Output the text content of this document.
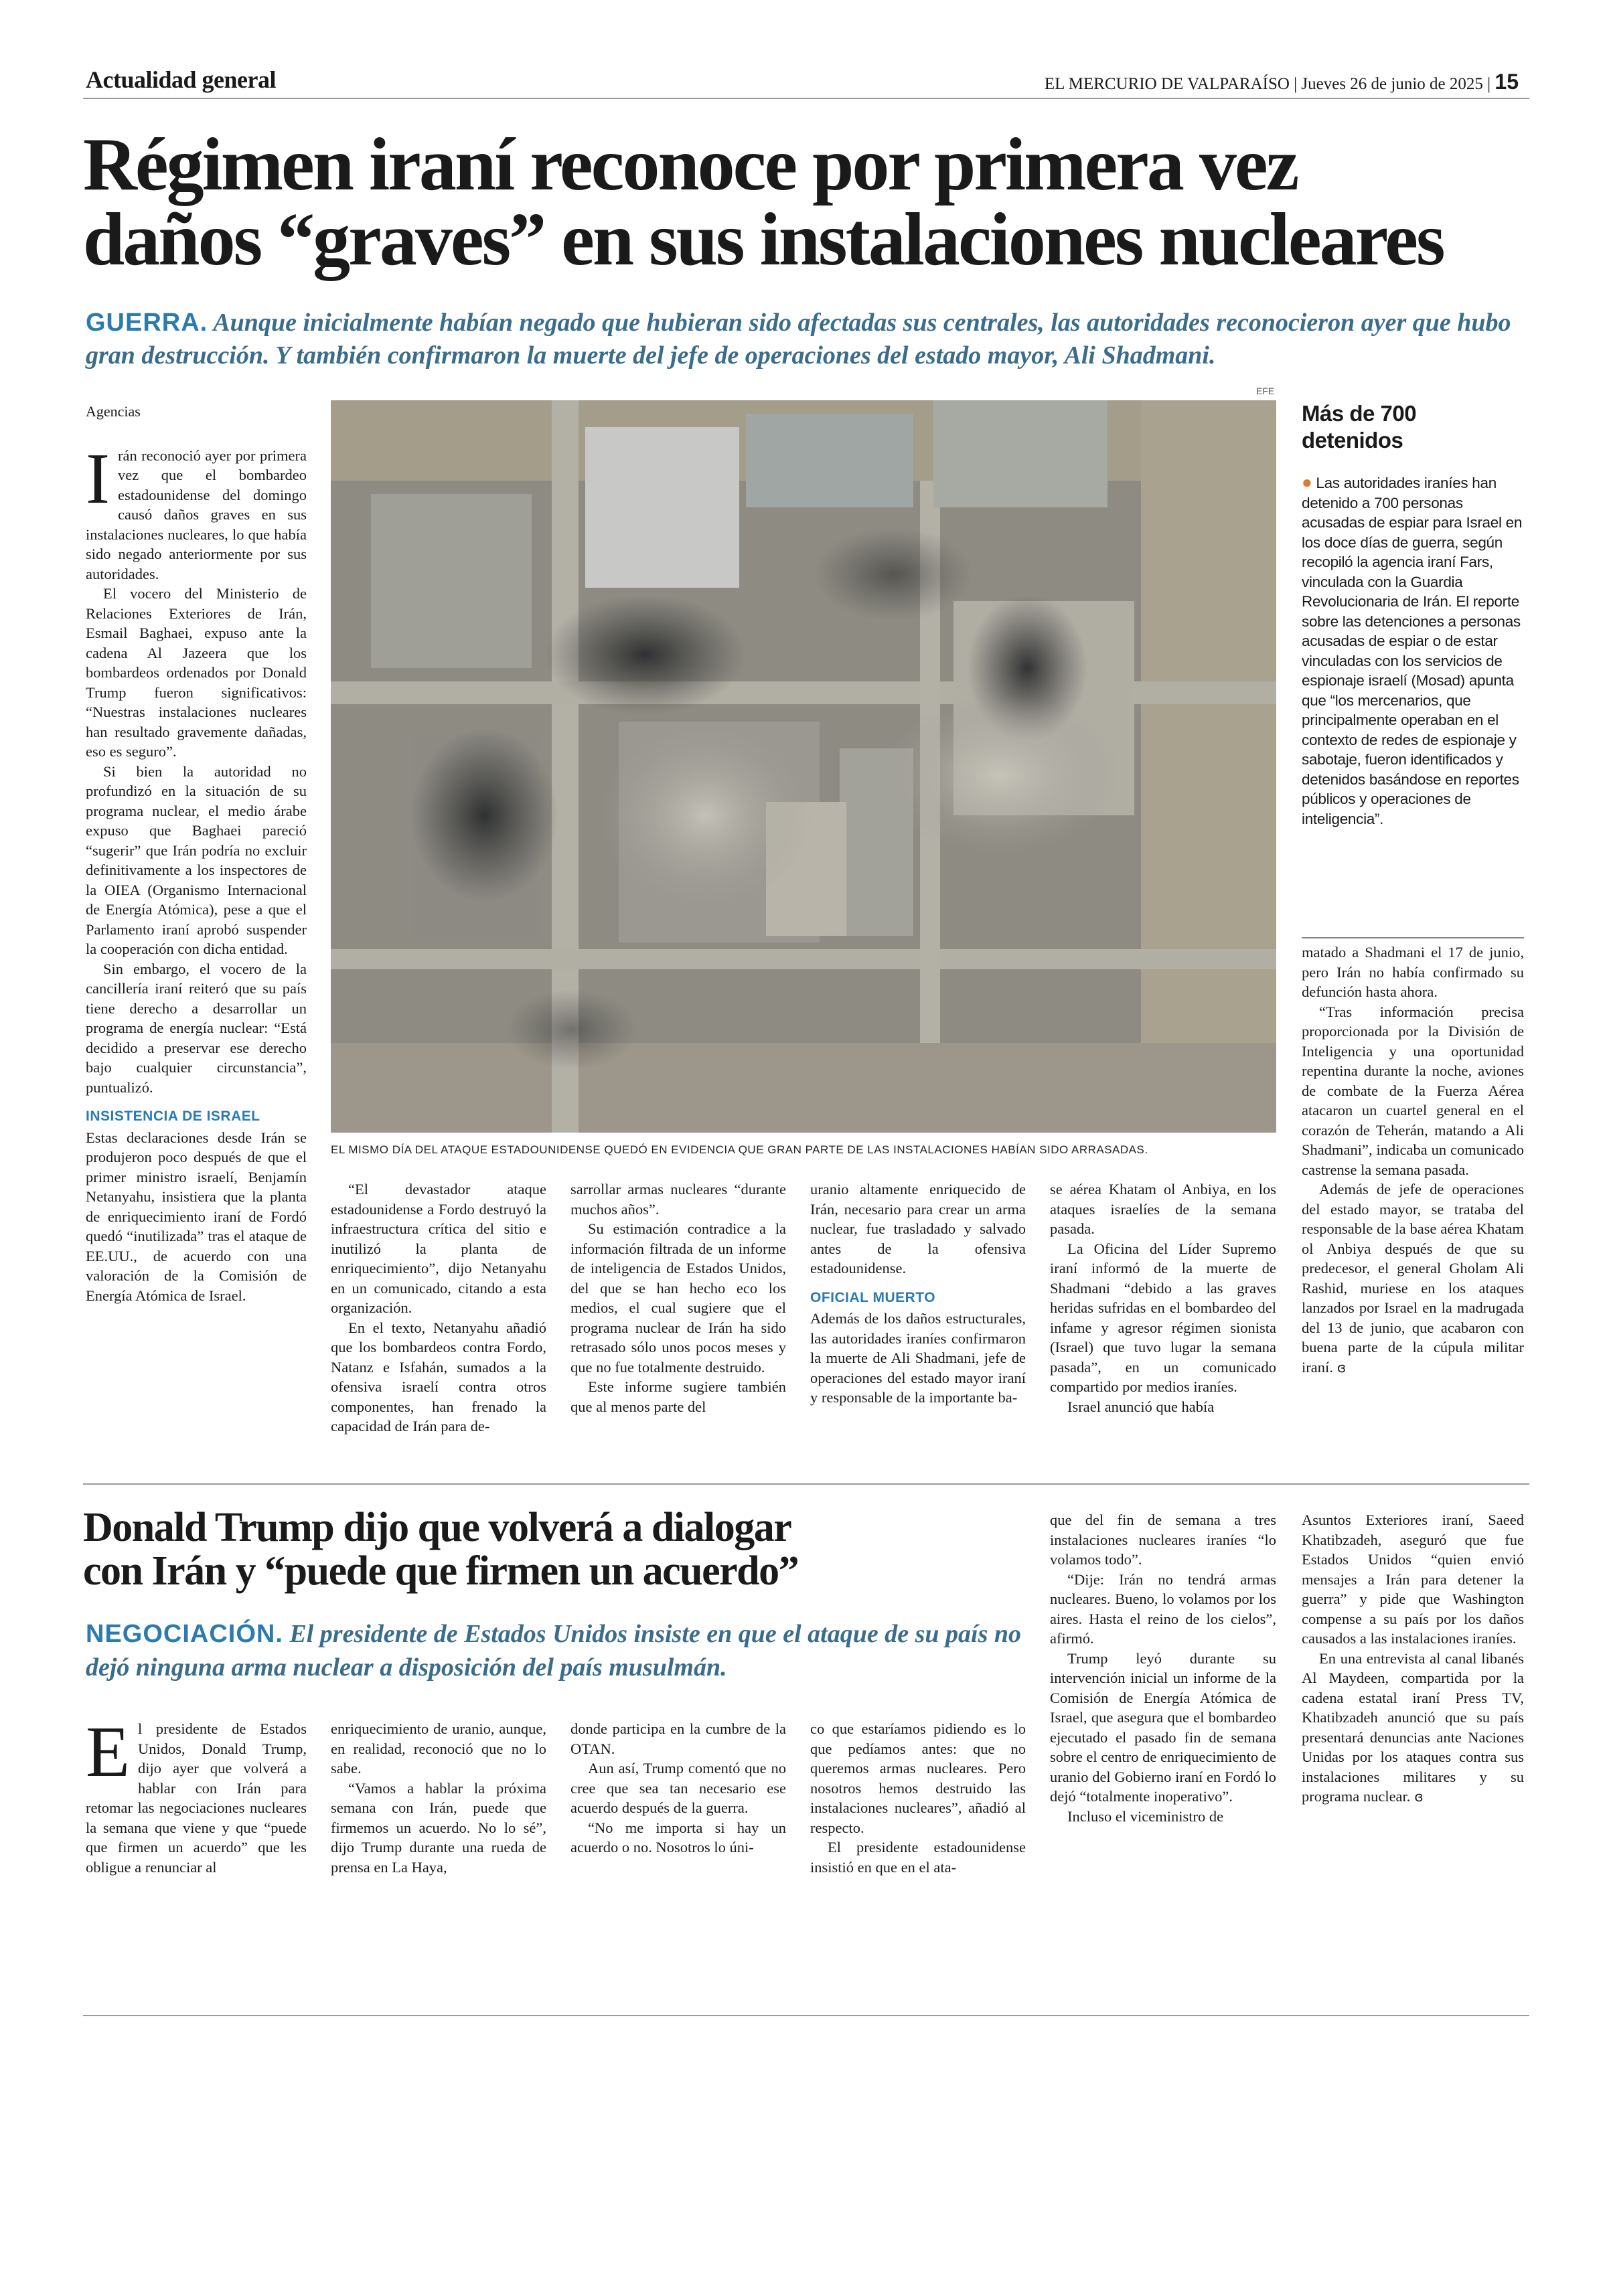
Actualidad general	EL MERCURIO DE VALPARAÍSO | Jueves 26 de junio de 2025 | 15
Régimen iraní reconoce por primera vez
daños “graves” en sus instalaciones nucleares
GUERRA. Aunque inicialmente habían negado que hubieran sido afectadas sus centrales, las autoridades reconocieron ayer que hubo gran destrucción. Y también confirmaron la muerte del jefe de operaciones del estado mayor, Ali Shadmani.
Agencias

Irán reconoció ayer por primera vez que el bombardeo estadounidense del domingo causó daños graves en sus instalaciones nucleares, lo que había sido negado anteriormente por sus autoridades.

El vocero del Ministerio de Relaciones Exteriores de Irán, Esmail Baghaei, expuso ante la cadena Al Jazeera que los bombardeos ordenados por Donald Trump fueron significativos: “Nuestras instalaciones nucleares han resultado gravemente dañadas, eso es seguro”.

Si bien la autoridad no profundizó en la situación de su programa nuclear, el medio árabe expuso que Baghaei pareció “sugerir” que Irán podría no excluir definitivamente a los inspectores de la OIEA (Organismo Internacional de Energía Atómica), pese a que el Parlamento iraní aprobó suspender la cooperación con dicha entidad.

Sin embargo, el vocero de la cancillería iraní reiteró que su país tiene derecho a desarrollar un programa de energía nuclear: “Está decidido a preservar ese derecho bajo cualquier circunstancia”, puntualizó.

INSISTENCIA DE ISRAEL

Estas declaraciones desde Irán se produjeron poco después de que el primer ministro israelí, Benjamín Netanyahu, insistiera que la planta de enriquecimiento iraní de Fordó quedó “inutilizada” tras el ataque de EE.UU., de acuerdo con una valoración de la Comisión de Energía Atómica de Israel.

EFE
EL MISMO DÍA DEL ATAQUE ESTADOUNIDENSE QUEDÓ EN EVIDENCIA QUE GRAN PARTE DE LAS INSTALACIONES HABÍAN SIDO ARRASADAS.

“El devastador ataque estadounidense a Fordo destruyó la infraestructura crítica del sitio e inutilizó la planta de enriquecimiento”, dijo Netanyahu en un comunicado, citando a esta organización.

En el texto, Netanyahu añadió que los bombardeos contra Fordo, Natanz e Isfahán, sumados a la ofensiva israelí contra otros componentes, han frenado la capacidad de Irán para de-

sarrollar armas nucleares “durante muchos años”.

Su estimación contradice a la información filtrada de un informe de inteligencia de Estados Unidos, del que se han hecho eco los medios, el cual sugiere que el programa nuclear de Irán ha sido retrasado sólo unos pocos meses y que no fue totalmente destruido.

Este informe sugiere también que al menos parte del

uranio altamente enriquecido de Irán, necesario para crear un arma nuclear, fue trasladado y salvado antes de la ofensiva estadounidense.

OFICIAL MUERTO

Además de los daños estructurales, las autoridades iraníes confirmaron la muerte de Ali Shadmani, jefe de operaciones del estado mayor iraní y responsable de la importante ba-

se aérea Khatam ol Anbiya, en los ataques israelíes de la semana pasada.

La Oficina del Líder Supremo iraní informó de la muerte de Shadmani “debido a las graves heridas sufridas en el bombardeo del infame y agresor régimen sionista (Israel) que tuvo lugar la semana pasada”, en un comunicado compartido por medios iraníes.

Israel anunció que había

Más de 700
detenidos
● Las autoridades iraníes han detenido a 700 personas acusadas de espiar para Israel en los doce días de guerra, según recopiló la agencia iraní Fars, vinculada con la Guardia Revolucionaria de Irán. El reporte sobre las detenciones a personas acusadas de espiar o de estar vinculadas con los servicios de espionaje israelí (Mosad) apunta que “los mercenarios, que principalmente operaban en el contexto de redes de espionaje y sabotaje, fueron identificados y detenidos basándose en reportes públicos y operaciones de inteligencia”.

matado a Shadmani el 17 de junio, pero Irán no había confirmado su defunción hasta ahora.

“Tras información precisa proporcionada por la División de Inteligencia y una oportunidad repentina durante la noche, aviones de combate de la Fuerza Aérea atacaron un cuartel general en el corazón de Teherán, matando a Ali Shadmani”, indicaba un comunicado castrense la semana pasada.

Además de jefe de operaciones del estado mayor, se trataba del responsable de la base aérea Khatam ol Anbiya después de que su predecesor, el general Gholam Ali Rashid, muriese en los ataques lanzados por Israel en la madrugada del 13 de junio, que acabaron con buena parte de la cúpula militar iraní. ɞ

Donald Trump dijo que volverá a dialogar
con Irán y “puede que firmen un acuerdo”
NEGOCIACIÓN. El presidente de Estados Unidos insiste en que el ataque de su país no dejó ninguna arma nuclear a disposición del país musulmán.

El presidente de Estados Unidos, Donald Trump, dijo ayer que volverá a hablar con Irán para retomar las negociaciones nucleares la semana que viene y que “puede que firmen un acuerdo” que les obligue a renunciar al

enriquecimiento de uranio, aunque, en realidad, reconoció que no lo sabe.

“Vamos a hablar la próxima semana con Irán, puede que firmemos un acuerdo. No lo sé”, dijo Trump durante una rueda de prensa en La Haya,

donde participa en la cumbre de la OTAN.

Aun así, Trump comentó que no cree que sea tan necesario ese acuerdo después de la guerra.

“No me importa si hay un acuerdo o no. Nosotros lo úni-

co que estaríamos pidiendo es lo que pedíamos antes: que no queremos armas nucleares. Pero nosotros hemos destruido las instalaciones nucleares”, añadió al respecto.

El presidente estadounidense insistió en que en el ata-

que del fin de semana a tres instalaciones nucleares iraníes “lo volamos todo”.

“Dije: Irán no tendrá armas nucleares. Bueno, lo volamos por los aires. Hasta el reino de los cielos”, afirmó.

Trump leyó durante su intervención inicial un informe de la Comisión de Energía Atómica de Israel, que asegura que el bombardeo ejecutado el pasado fin de semana sobre el centro de enriquecimiento de uranio del Gobierno iraní en Fordó lo dejó “totalmente inoperativo”.

Incluso el viceministro de

Asuntos Exteriores iraní, Saeed Khatibzadeh, aseguró que fue Estados Unidos “quien envió mensajes a Irán para detener la guerra” y pide que Washington compense a su país por los daños causados a las instalaciones iraníes.

En una entrevista al canal libanés Al Maydeen, compartida por la cadena estatal iraní Press TV, Khatibzadeh anunció que su país presentará denuncias ante Naciones Unidas por los ataques contra sus instalaciones militares y su programa nuclear. ɞ
